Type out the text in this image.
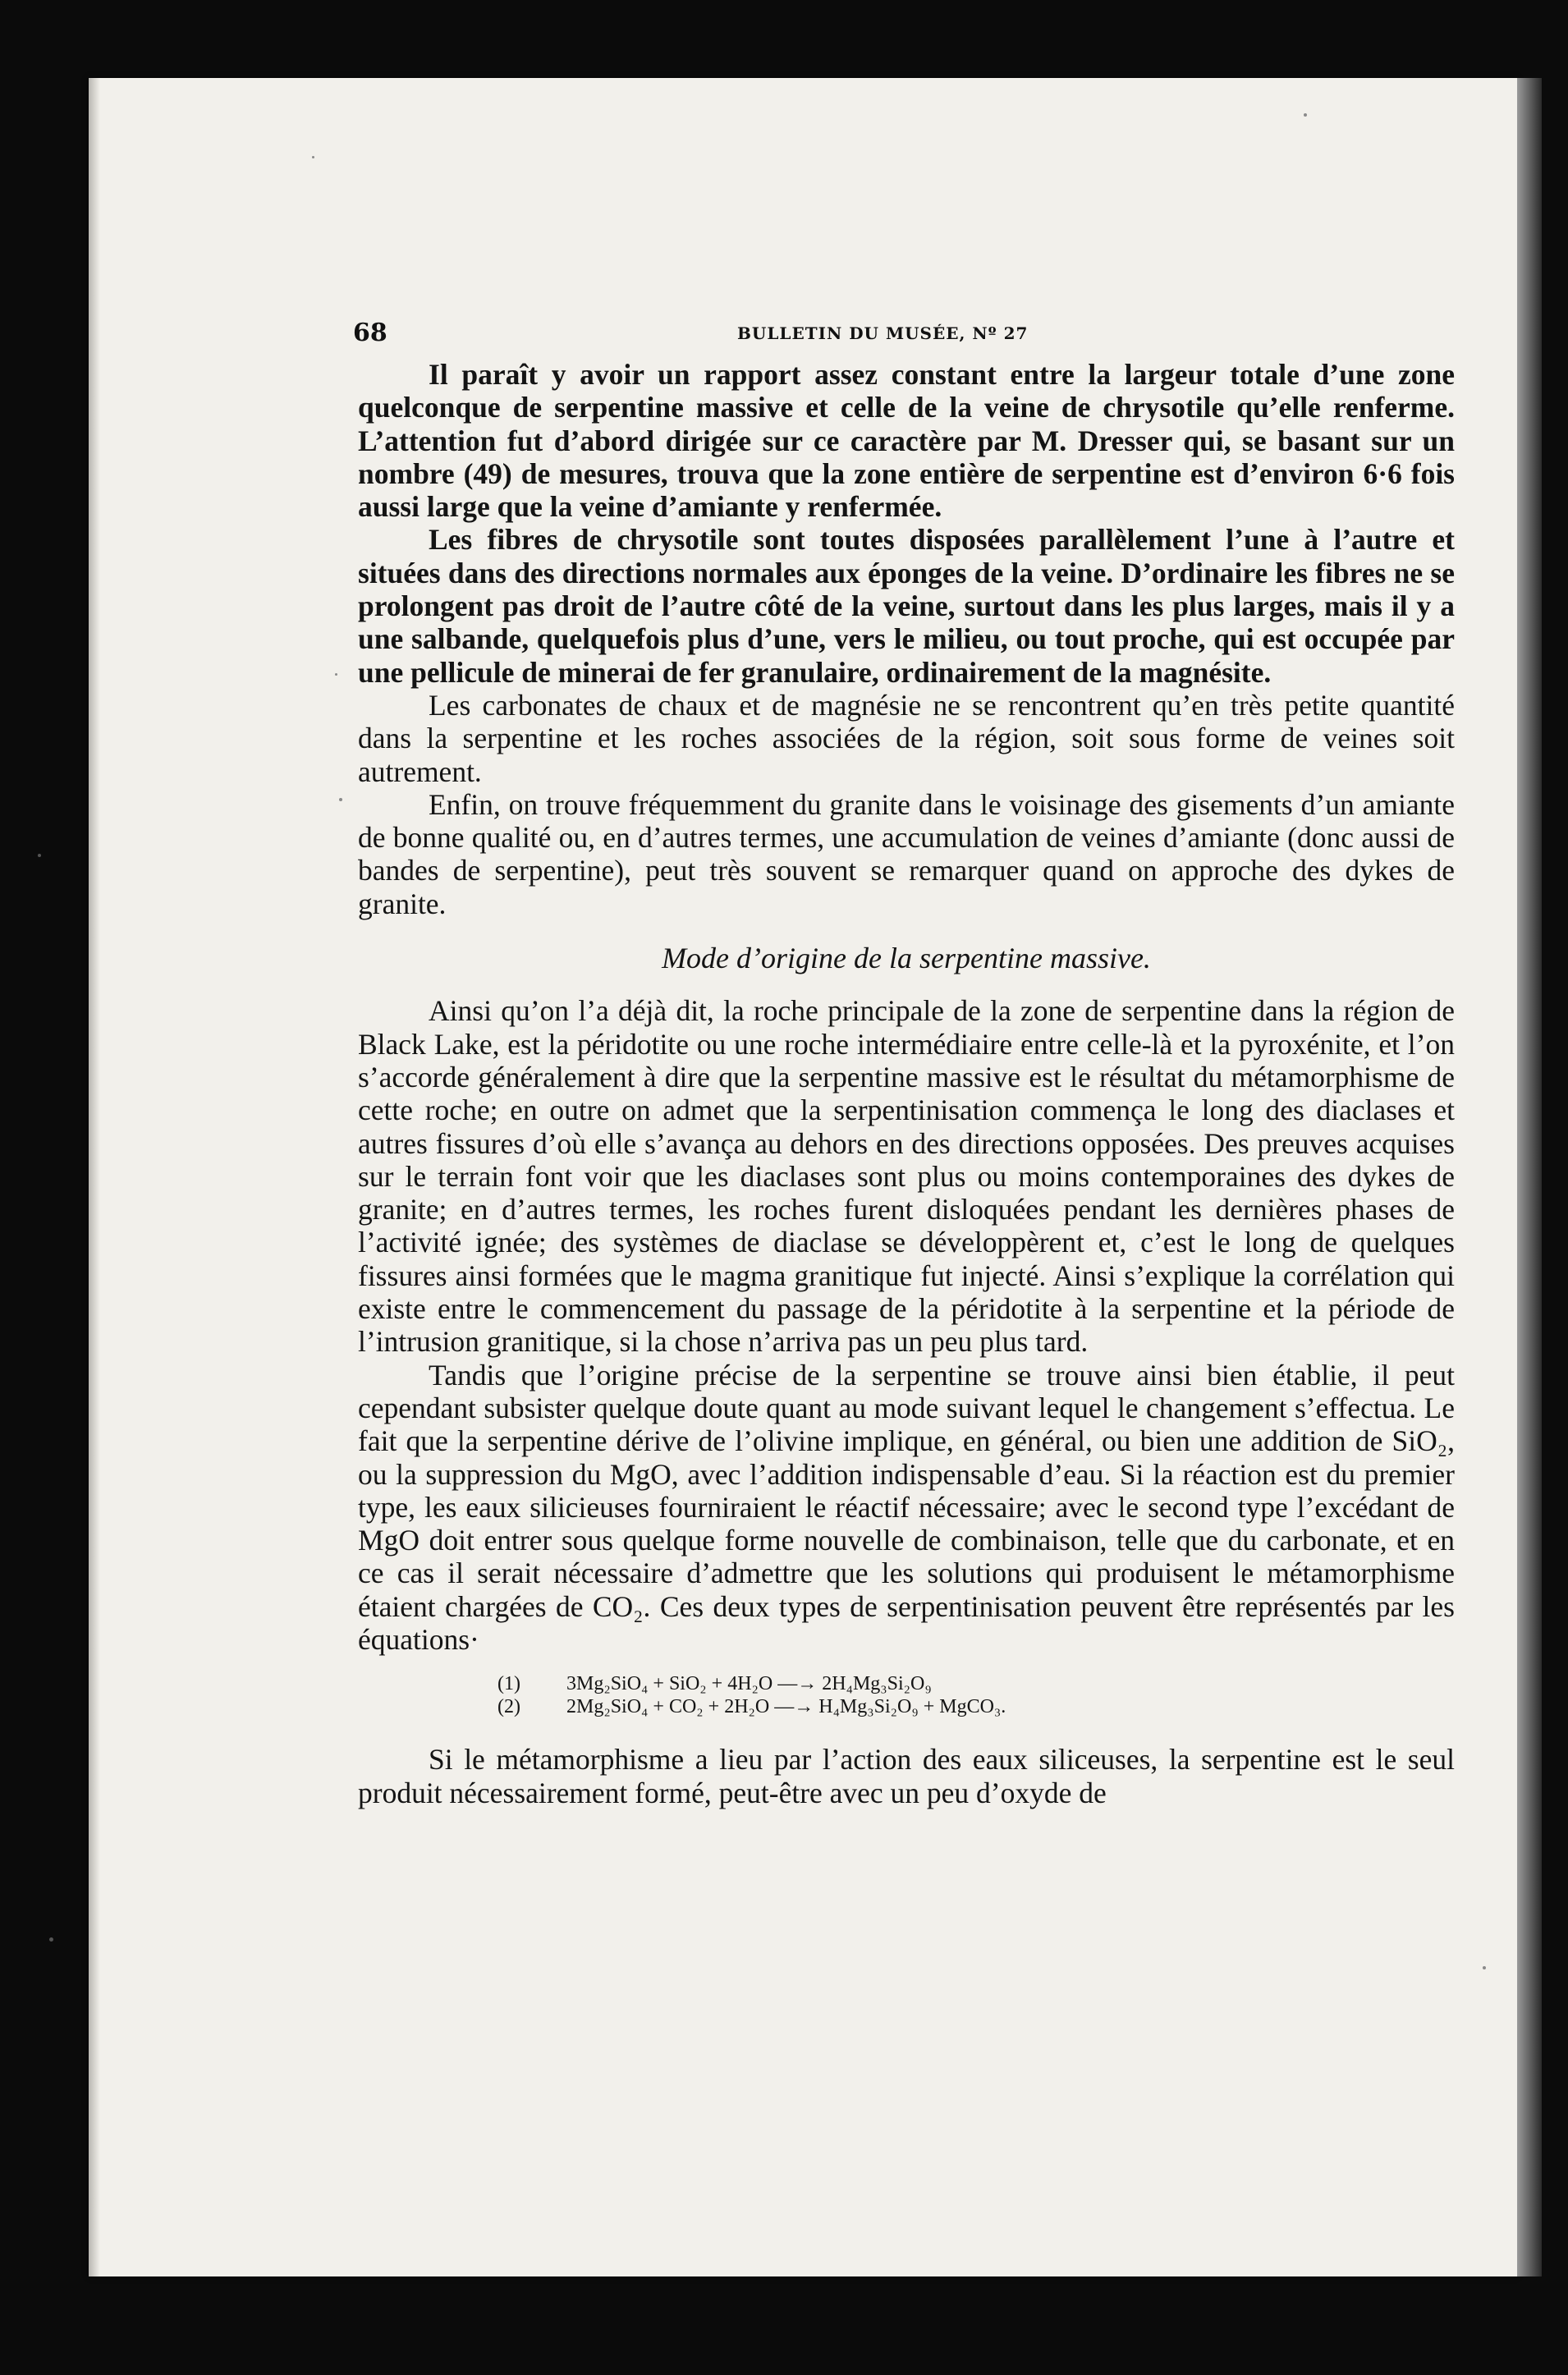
68	BULLETIN DU MUSÉE, Nº 27

Il paraît y avoir un rapport assez constant entre la largeur totale d’une zone quelconque de serpentine massive et celle de la veine de chrysotile qu’elle renferme. L’attention fut d’abord dirigée sur ce caractère par M. Dresser qui, se basant sur un nombre (49) de mesures, trouva que la zone entière de serpentine est d’environ 6·6 fois aussi large que la veine d’amiante y renfermée.

Les fibres de chrysotile sont toutes disposées parallèlement l’une à l’autre et situées dans des directions normales aux éponges de la veine. D’ordinaire les fibres ne se prolongent pas droit de l’autre côté de la veine, surtout dans les plus larges, mais il y a une salbande, quelquefois plus d’une, vers le milieu, ou tout proche, qui est occupée par une pellicule de minerai de fer granulaire, ordinairement de la magnésite.

Les carbonates de chaux et de magnésie ne se rencontrent qu’en très petite quantité dans la serpentine et les roches associées de la région, soit sous forme de veines soit autrement.

Enfin, on trouve fréquemment du granite dans le voisinage des gisements d’un amiante de bonne qualité ou, en d’autres termes, une accumulation de veines d’amiante (donc aussi de bandes de serpentine), peut très souvent se remarquer quand on approche des dykes de granite.

Mode d’origine de la serpentine massive.

Ainsi qu’on l’a déjà dit, la roche principale de la zone de serpentine dans la région de Black Lake, est la péridotite ou une roche intermédiaire entre celle-là et la pyroxénite, et l’on s’accorde généralement à dire que la serpentine massive est le résultat du métamorphisme de cette roche; en outre on admet que la serpentinisation commença le long des diaclases et autres fissures d’où elle s’avança au dehors en des directions opposées. Des preuves acquises sur le terrain font voir que les diaclases sont plus ou moins contemporaines des dykes de granite; en d’autres termes, les roches furent disloquées pendant les dernières phases de l’activité ignée; des systèmes de diaclase se développèrent et, c’est le long de quelques fissures ainsi formées que le magma granitique fut injecté. Ainsi s’explique la corrélation qui existe entre le commencement du passage de la péridotite à la serpentine et la période de l’intrusion granitique, si la chose n’arriva pas un peu plus tard.

Tandis que l’origine précise de la serpentine se trouve ainsi bien établie, il peut cependant subsister quelque doute quant au mode suivant lequel le changement s’effectua. Le fait que la serpentine dérive de l’olivine implique, en général, ou bien une addition de SiO₂, ou la suppression du MgO, avec l’addition indispensable d’eau. Si la réaction est du premier type, les eaux silicieuses fourniraient le réactif nécessaire; avec le second type l’excédant de MgO doit entrer sous quelque forme nouvelle de combinaison, telle que du carbonate, et en ce cas il serait nécessaire d’admettre que les solutions qui produisent le métamorphisme étaient chargées de CO₂. Ces deux types de serpentinisation peuvent être représentés par les équations·

(1) 3Mg₂SiO₄ + SiO₂ + 4H₂O —→ 2H₄Mg₃Si₂O₉
(2) 2Mg₂SiO₄ + CO₂ + 2H₂O —→ H₄Mg₃Si₂O₉ + MgCO₃.

Si le métamorphisme a lieu par l’action des eaux siliceuses, la serpentine est le seul produit nécessairement formé, peut-être avec un peu d’oxyde de
